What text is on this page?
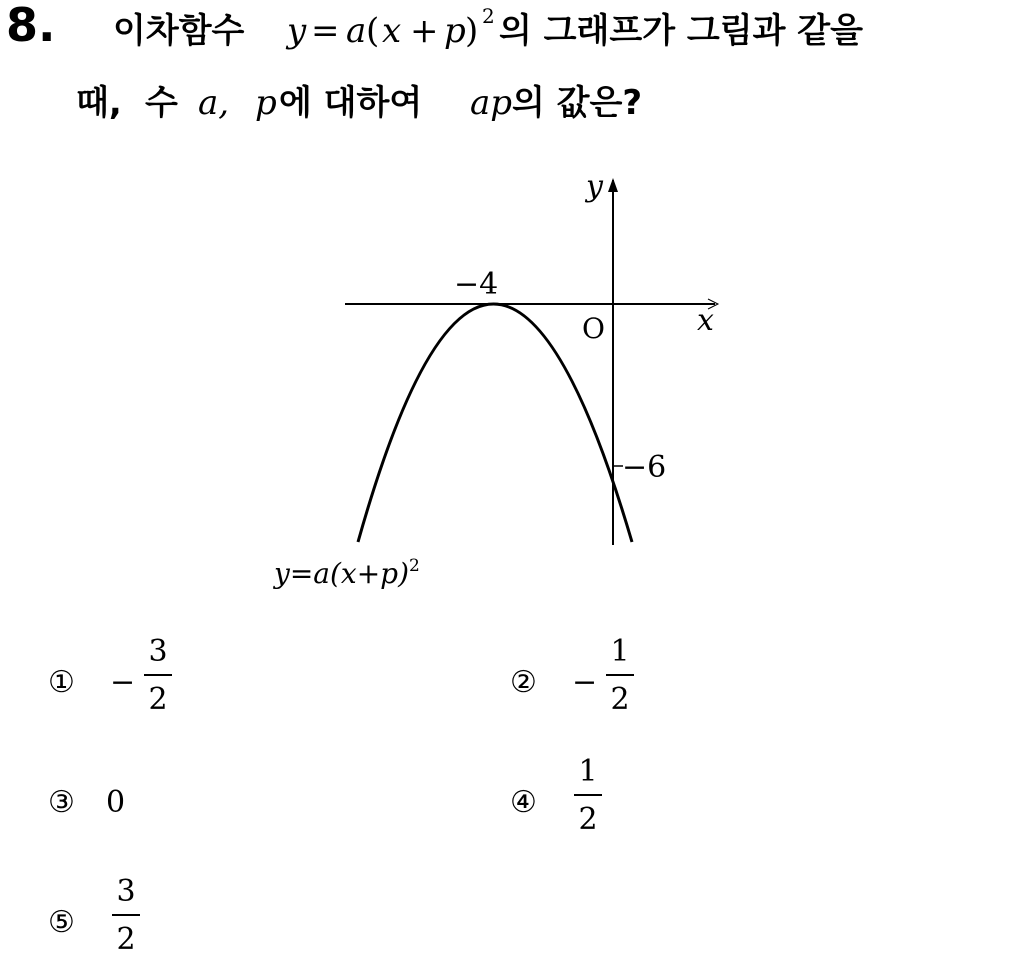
8. 이차함수 y = a ( x + p ) 2 의 그래프가 그림과 같을
때, 수 a, p 에 대하여 ap 의 값은?
y
x
O
−4
−6
$y=a(x+p)^2$
① −
3
2	② −
1
2
③ 0	④
1
2
⑤
3
2
